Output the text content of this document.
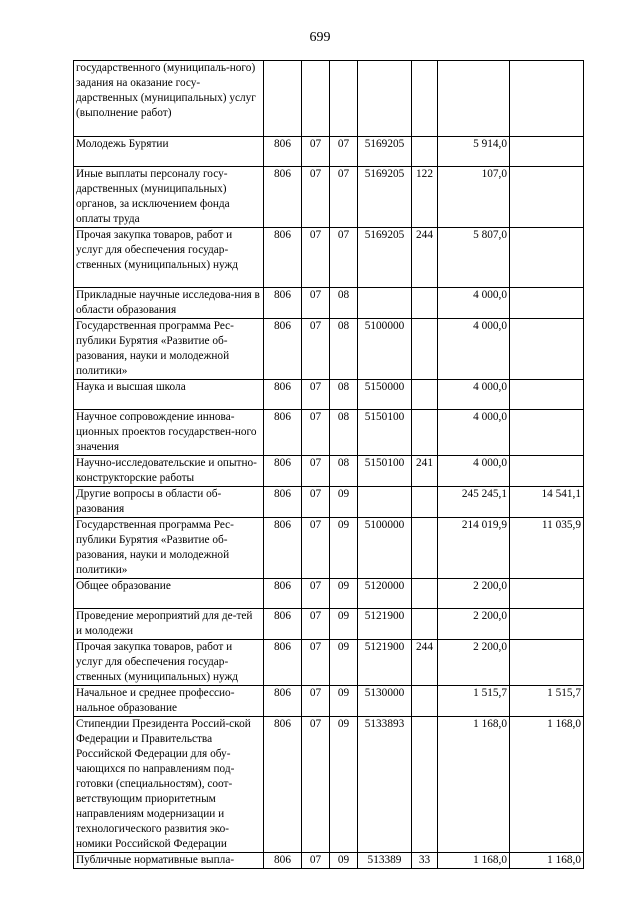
699
государственного (муниципаль-ного) задания на оказание госу-дарственных (муниципальных) услуг (выполнение работ)							
Молодежь Бурятии	806	07	07	5169205		5 914,0	
Иные выплаты персоналу госу-дарственных (муниципальных) органов, за исключением фонда оплаты труда	806	07	07	5169205	122	107,0	
Прочая закупка товаров, работ и услуг для обеспечения государ-ственных (муниципальных) нужд	806	07	07	5169205	244	5 807,0	
Прикладные научные исследова-ния в области образования	806	07	08			4 000,0	
Государственная программа Рес-публики Бурятия «Развитие об-разования, науки и молодежной политики»	806	07	08	5100000		4 000,0	
Наука и высшая школа	806	07	08	5150000		4 000,0	
Научное сопровождение иннова-ционных проектов государствен-ного значения	806	07	08	5150100		4 000,0	
Научно-исследовательские и опытно-конструкторские работы	806	07	08	5150100	241	4 000,0	
Другие вопросы в области об-разования	806	07	09			245 245,1	14 541,1
Государственная программа Рес-публики Бурятия «Развитие об-разования, науки и молодежной политики»	806	07	09	5100000		214 019,9	11 035,9
Общее образование	806	07	09	5120000		2 200,0	
Проведение мероприятий для де-тей и молодежи	806	07	09	5121900		2 200,0	
Прочая закупка товаров, работ и услуг для обеспечения государ-ственных (муниципальных) нужд	806	07	09	5121900	244	2 200,0	
Начальное и среднее профессио-нальное образование	806	07	09	5130000		1 515,7	1 515,7
Стипендии Президента Россий-ской Федерации и Правительства Российской Федерации для обу-чающихся по направлениям под-готовки (специальностям), соот-ветствующим приоритетным направлениям модернизации и технологического развития эко-номики Российской Федерации	806	07	09	5133893		1 168,0	1 168,0
Публичные нормативные выпла-	806	07	09	513389	33	1 168,0	1 168,0
